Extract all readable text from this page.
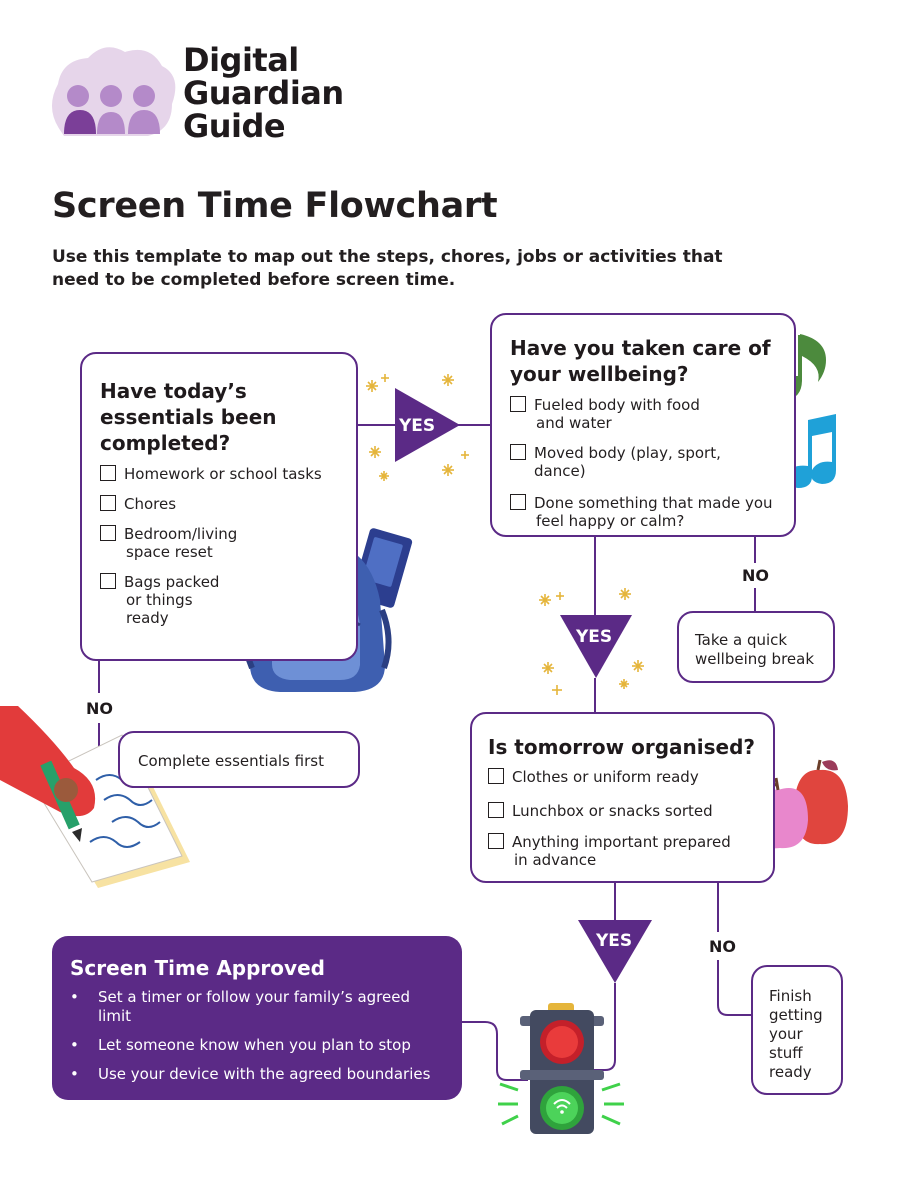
Digital
Guardian
Guide
Screen Time Flowchart

Use this template to map out the steps, chores, jobs or activities that
need to be completed before screen time.

Have today’s
essentials been
completed?
Homework or school tasks
Chores
Bedroom/living
space reset
Bags packed
or things
ready
Have you taken care of
your wellbeing?
Fueled body with food
and water
Moved body (play, sport, dance)
Done something that made you
feel happy or calm?
Is tomorrow organised?
Clothes or uniform ready
Lunchbox or snacks sorted
Anything important prepared
in advance
Complete essentials first
Take a quick
wellbeing break
Finish
getting
your
stuff
ready
Screen Time Approved
• Set a timer or follow your family’s agreed limit
• Let someone know when you plan to stop
• Use your device with the agreed boundaries
YES
YES
YES
NO
NO
NO
